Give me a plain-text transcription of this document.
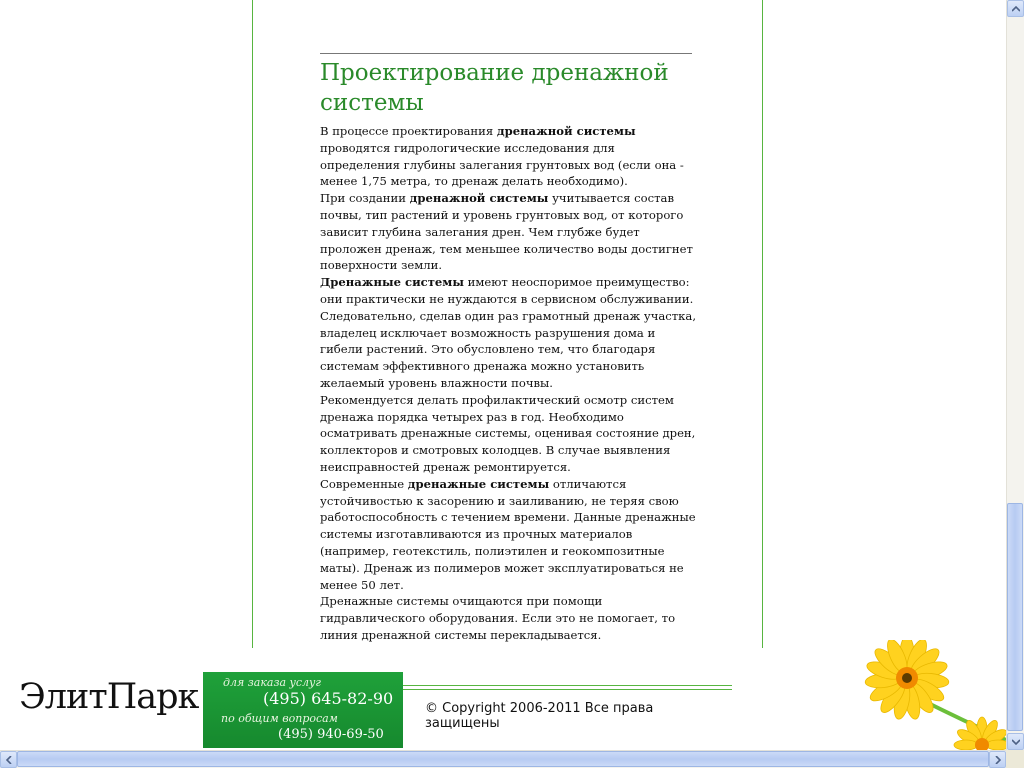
Проектирование дренажной системы

В процессе проектирования дренажной системы проводятся гидрологические исследования для определения глубины залегания грунтовых вод (если она - менее 1,75 метра, то дренаж делать необходимо).

При создании дренажной системы учитывается состав почвы, тип растений и уровень грунтовых вод, от которого зависит глубина залегания дрен. Чем глубже будет проложен дренаж, тем меньшее количество воды достигнет поверхности земли.

Дренажные системы имеют неоспоримое преимущество: они практически не нуждаются в сервисном обслуживании. Следовательно, сделав один раз грамотный дренаж участка, владелец исключает возможность разрушения дома и гибели растений. Это обусловлено тем, что благодаря системам эффективного дренажа можно установить желаемый уровень влажности почвы.

Рекомендуется делать профилактический осмотр систем дренажа порядка четырех раз в год. Необходимо осматривать дренажные системы, оценивая состояние дрен, коллекторов и смотровых колодцев. В случае выявления неисправностей дренаж ремонтируется.

Современные дренажные системы отличаются устойчивостью к засорению и заиливанию, не теряя свою работоспособность с течением времени. Данные дренажные системы изготавливаются из прочных материалов (например, геотекстиль, полиэтилен и геокомпозитные маты). Дренаж из полимеров может эксплуатироваться не менее 50 лет.

Дренажные системы очищаются при помощи гидравлического оборудования. Если это не помогает, то линия дренажной системы перекладывается.

ЭлитПарк для заказа услуг
(495) 645-82-90
по общим вопросам
(495) 940-69-50
© Copyright 2006-2011 Все права защищены
